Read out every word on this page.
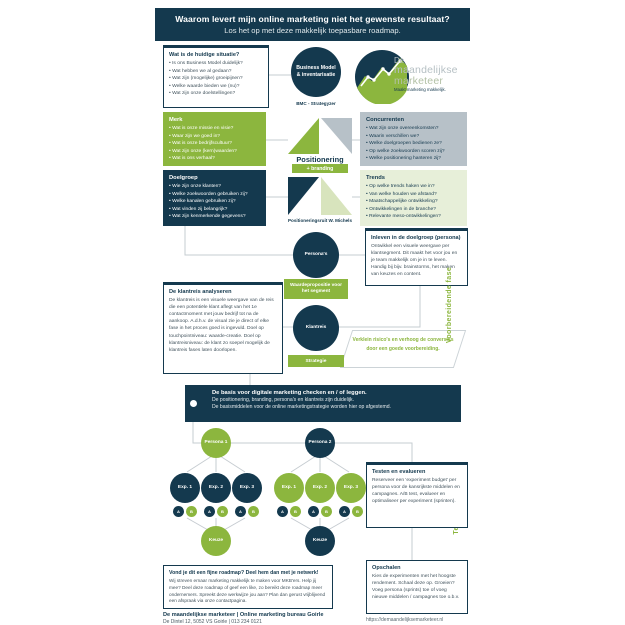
Waarom levert mijn online marketing niet het gewenste resultaat?
Los het op met deze makkelijk toepasbare roadmap.
Wat is de huidige situatie?
• Is ons Business Model duidelijk?
• Wat hebben we al gedaan?
• Wat zijn (mogelijke) groeipijnen?
• Welke waarde bieden we (nu)?
• Wat zijn onze doelstellingen?
Business Model
& inventarisatie
BMC - Strategyzer
De
maandelijkse
marketeer
Maakt marketing makkelijk.
Merk
• Wat is onze missie en visie?
• Waar zijn we goed in?
• Wat is onze bedrijfscultuur?
• Wat zijn onze (kern)waarden?
• Wat is ons verhaal?
Concurrenten
• Wat zijn onze overeenkomsten?
• Waarin verschillen we?
• Welke doelgroepen bedienen ze?
• Op welke zoekwoorden scoren zij?
• Welke positionering hanteren zij?
Doelgroep
• Wie zijn onze klanten?
• Welke zoekwoorden gebruiken zij?
• Welke kanalen gebruiken zij?
• Wat vinden zij belangrijk?
• Wat zijn kenmerkende gegevens?
Trends
• Op welke trends haken we in?
• Van welke houden we afstand?
• Maatschappelijke ontwikkeling?
• Ontwikkelingen in de branche?
• Relevante meso-ontwikkelingen?
Positionering
+ branding
Positioneringsruit W. Michels
Persona's
Inleven in de doelgroep (persona)
Ontwikkel een visuele weergave per klantsegment. Dit maakt het voor jou en je team makkelijk om je in te leven. Handig bij bijv. brainstorms, het maken van keuzes en content.
Waardepropositie voor het segment
De klantreis analyseren
De klantreis is een visuele weergave van de reis die een potentiële klant aflegt van het 1e contactmoment met jouw bedrijf tot na de aankoop. A.d.h.v. de visual zie je direct of elke fase in het proces goed is ingevuld. Doel op touchpointniveau: waarde-creatie. Doel op klantreisniveau: de klant zo soepel mogelijk de klantreis fases laten doorlopen.
Klantreis
Strategie
Verklein risico's en verhoog de conversies door een goede voorbereiding.
Voorbereidende fase
De basis voor digitale marketing checken en / of leggen.
De positionering, branding, persona's en klantreis zijn duidelijk.
De basismiddelen voor de online marketingstrategie worden hier op afgestemd.
Persona 1
Exp. 1	Exp. 2	Exp. 3
A	B	A	B	A	B
Keuze
Persona 2
Exp. 1	Exp. 2	Exp. 3
A	B	A	B	A	B
Keuze
Testen en evalueren
Reserveer een 'experiment budget' per persona voor de kansrijkste middelen en campagnes. A/B test, evalueer en optimaliseer per experiment (sprinten).
Vond je dit een fijne roadmap? Deel hem dan met je netwerk!
Wij streven ernaar marketing makkelijk te maken voor MKB'ers. Help jij mee? Deel deze roadmap of geef een like, zo bereikt deze roadmap meer ondernemers. Spreekt deze werkwijze jou aan? Plan dan gerust vrijblijvend een afspraak via onze contactpagina.
Opschalen
Kies de experimenten met het hoogste rendement. Schaal deze op. Groeien? Voeg persona (sprints) toe of voeg nieuwe middelen / campagnes toe o.b.v.
De maandelijkse marketeer | Online marketing bureau Goirle
De Dintel 12, 5052 VS Goirle | 013 234 0121	https://demaandelijksemarketeer.nl
